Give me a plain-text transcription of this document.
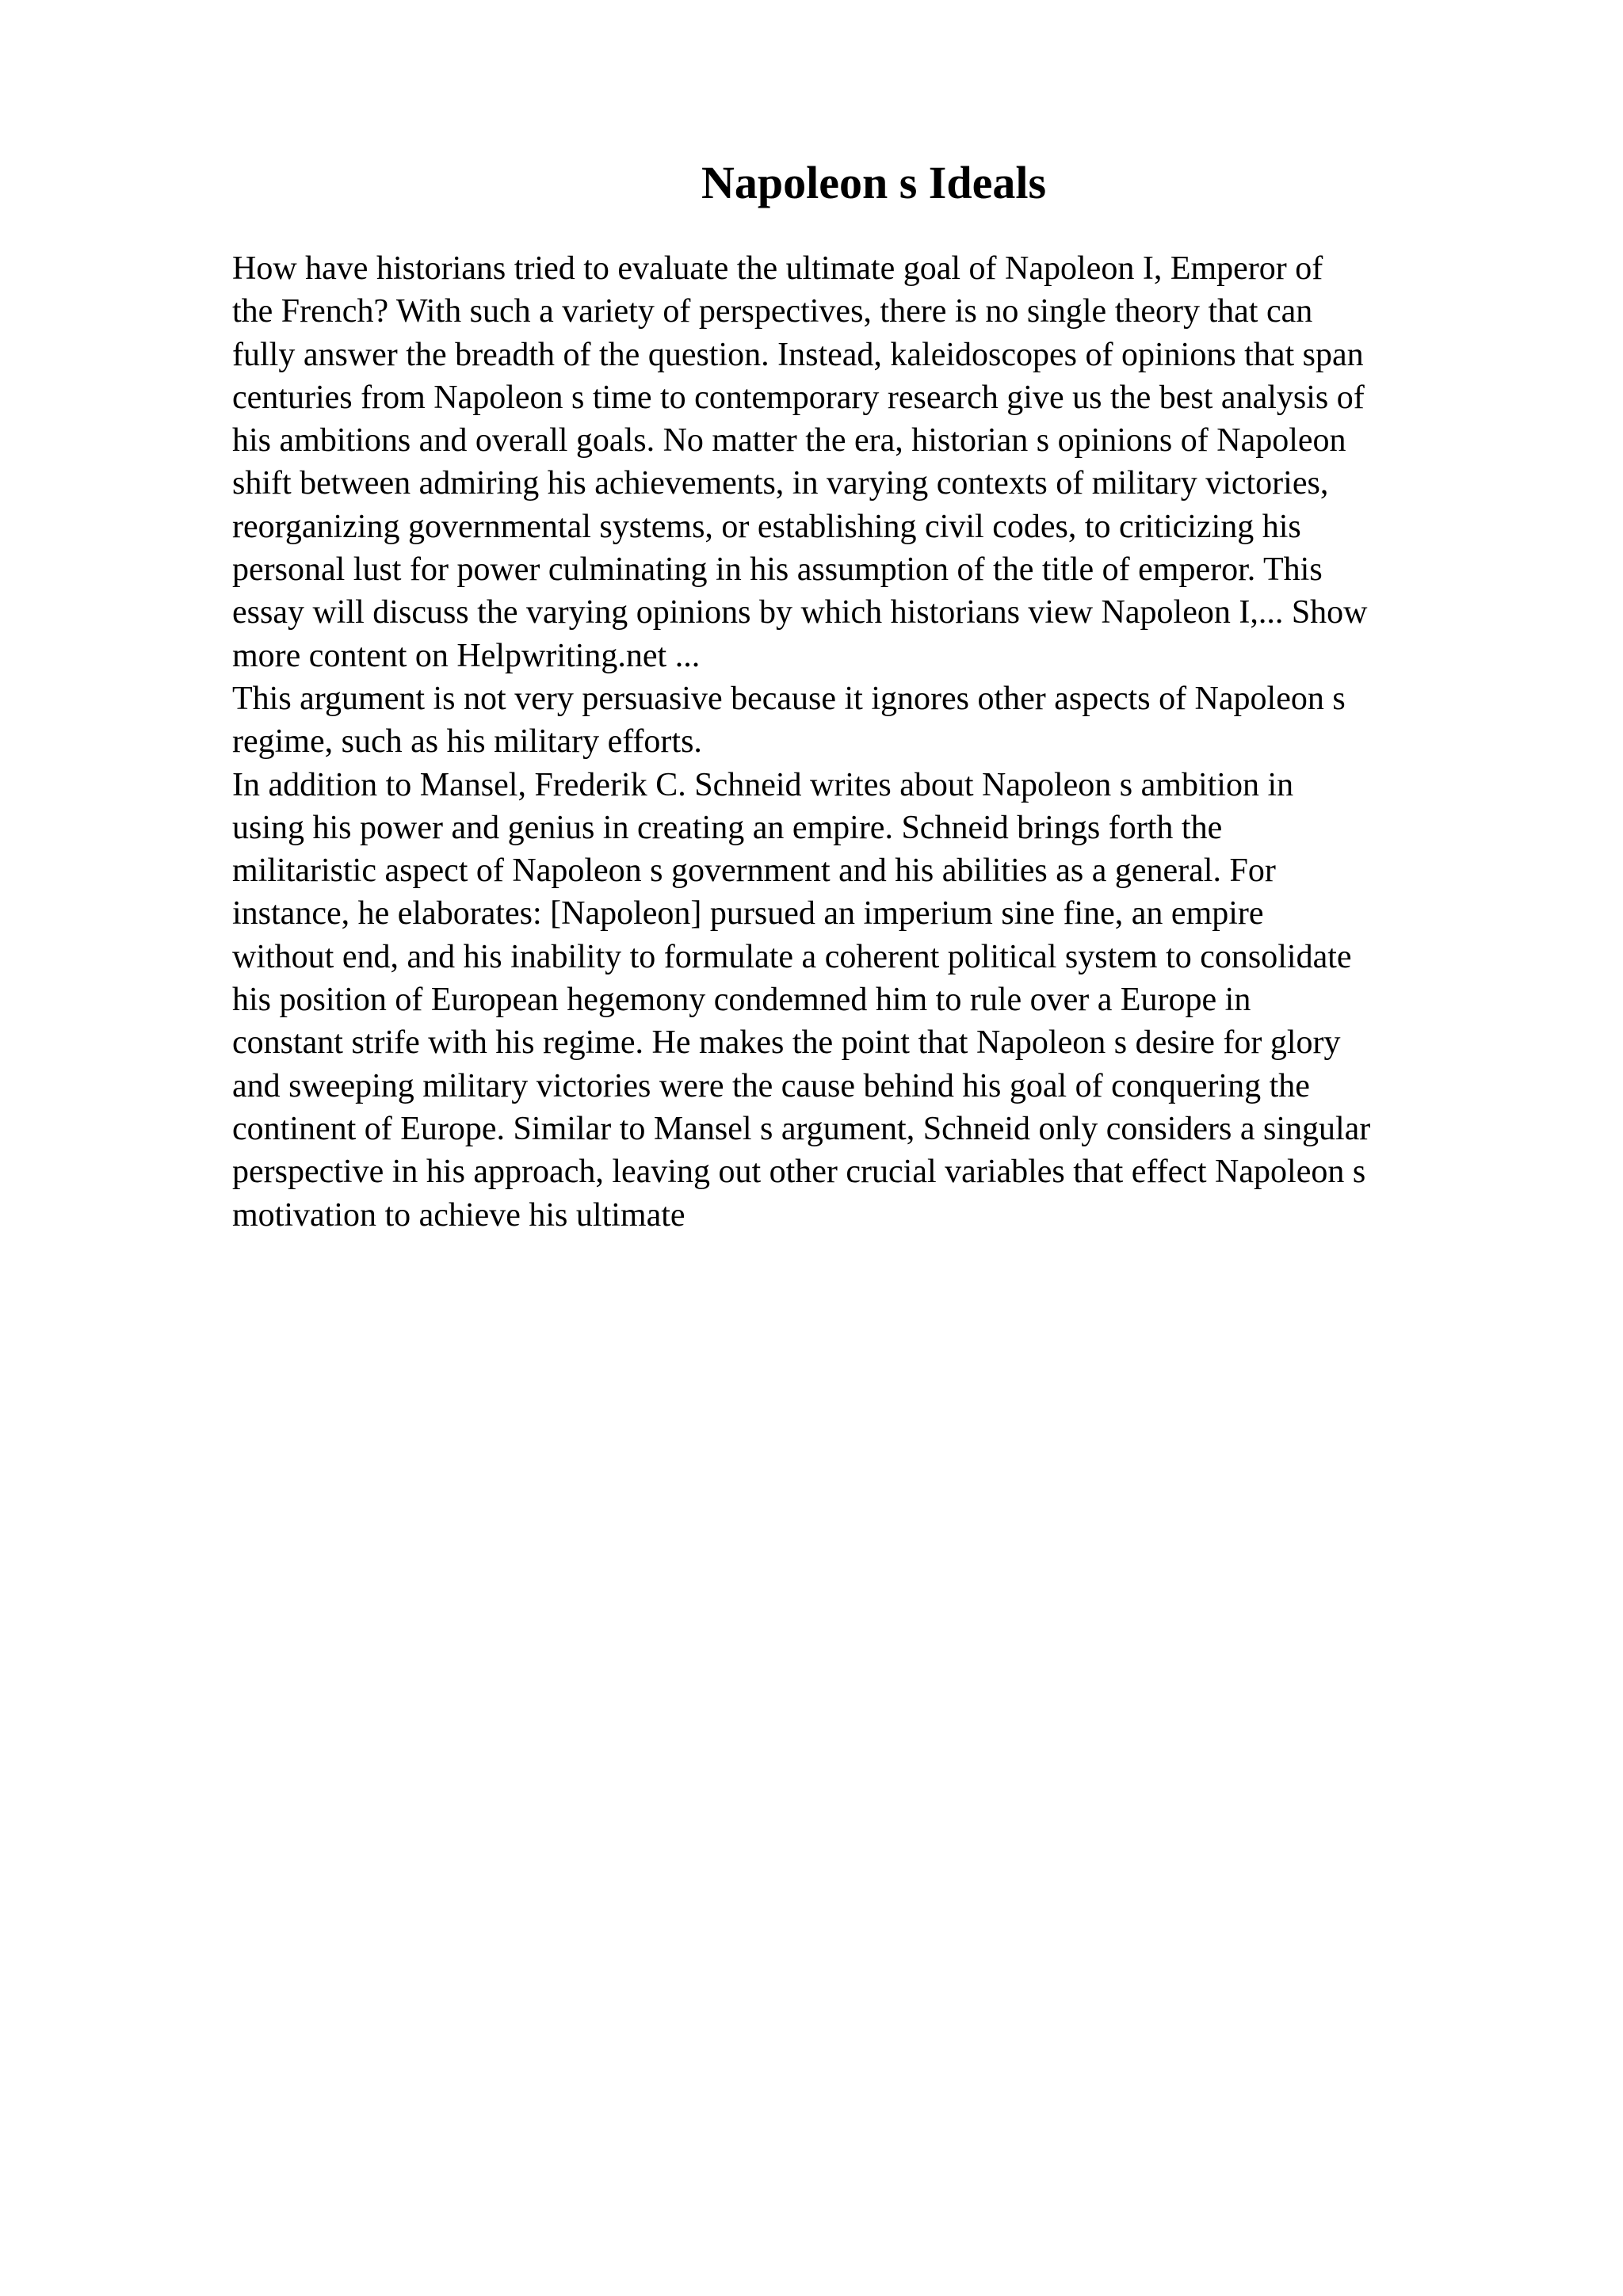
Napoleon s Ideals
How have historians tried to evaluate the ultimate goal of Napoleon I, Emperor of
the French? With such a variety of perspectives, there is no single theory that can
fully answer the breadth of the question. Instead, kaleidoscopes of opinions that span
centuries from Napoleon s time to contemporary research give us the best analysis of
his ambitions and overall goals. No matter the era, historian s opinions of Napoleon
shift between admiring his achievements, in varying contexts of military victories,
reorganizing governmental systems, or establishing civil codes, to criticizing his
personal lust for power culminating in his assumption of the title of emperor. This
essay will discuss the varying opinions by which historians view Napoleon I,... Show
more content on Helpwriting.net ...
This argument is not very persuasive because it ignores other aspects of Napoleon s
regime, such as his military efforts.
In addition to Mansel, Frederik C. Schneid writes about Napoleon s ambition in
using his power and genius in creating an empire. Schneid brings forth the
militaristic aspect of Napoleon s government and his abilities as a general. For
instance, he elaborates: [Napoleon] pursued an imperium sine fine, an empire
without end, and his inability to formulate a coherent political system to consolidate
his position of European hegemony condemned him to rule over a Europe in
constant strife with his regime. He makes the point that Napoleon s desire for glory
and sweeping military victories were the cause behind his goal of conquering the
continent of Europe. Similar to Mansel s argument, Schneid only considers a singular
perspective in his approach, leaving out other crucial variables that effect Napoleon s
motivation to achieve his ultimate
